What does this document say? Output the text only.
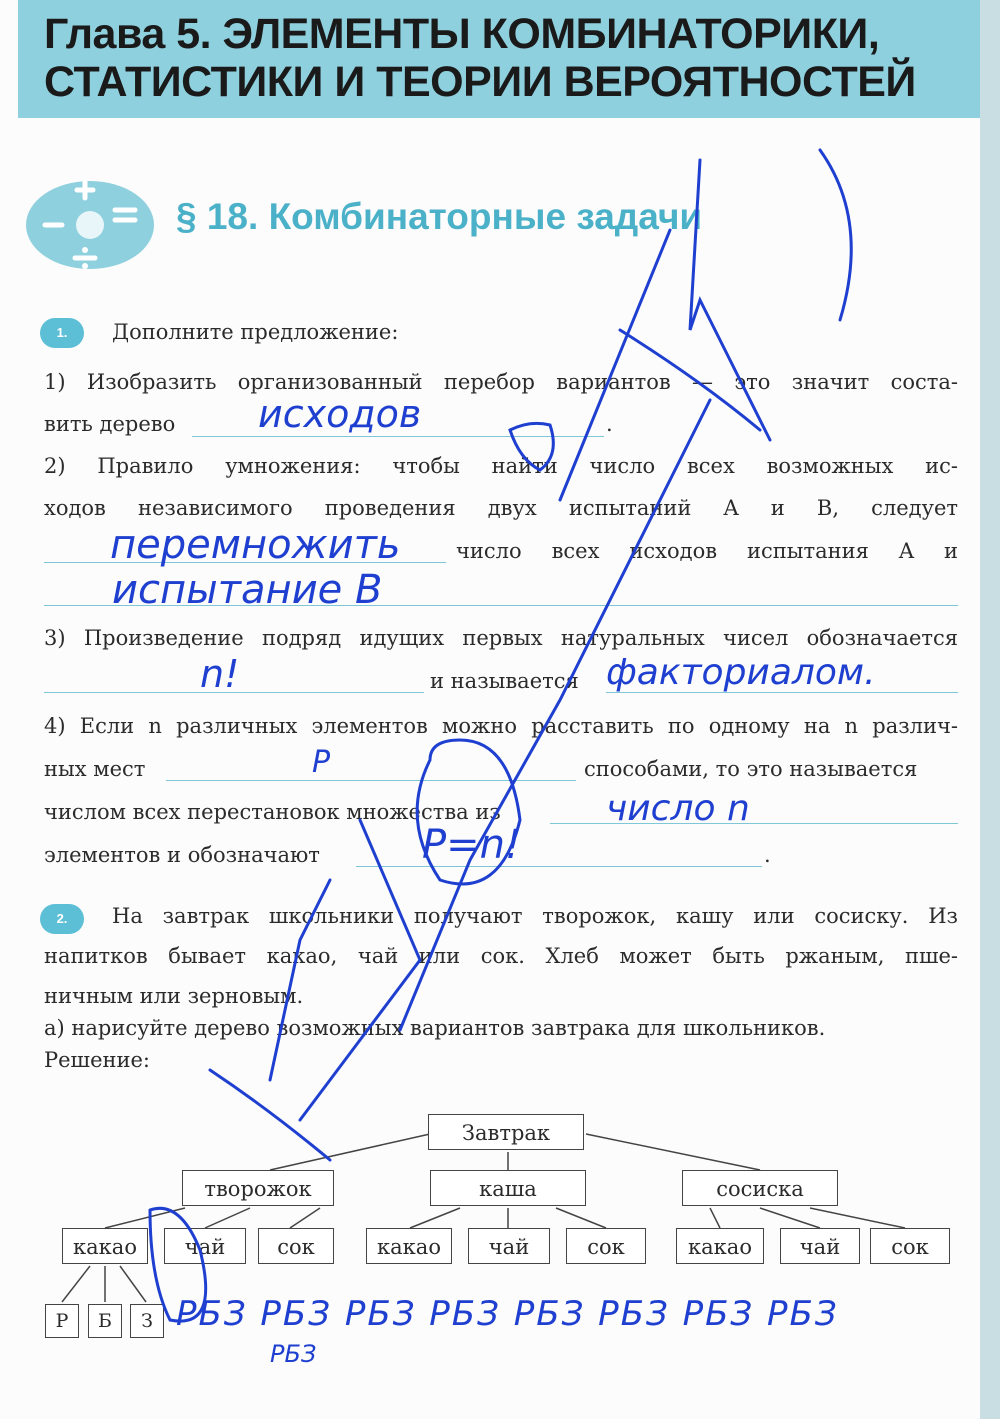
Глава 5. ЭЛЕМЕНТЫ КОМБИНАТОРИКИ,
СТАТИСТИКИ И ТЕОРИИ ВЕРОЯТНОСТЕЙ
§ 18. Комбинаторные задачи
1.	Дополните предложение:
1) Изобразить организованный перебор вариантов — это значит соста-
вить дерево	.
исходов
2) Правило умножения: чтобы найти число всех возможных ис-
ходов независимого проведения двух испытаний A и B, следует
число всех исходов испытания A и
перемножить
испытание В
3) Произведение подряд идущих первых натуральных чисел обозначается
и называется
n!	факториалом.
4) Если n различных элементов можно расставить по одному на n различ-
ных мест	способами, то это называется
P
числом всех перестановок множества из	число n
элементов и обозначают	.
P=n!
2.	На завтрак школьники получают творожок, кашу или сосиску. Из
напитков бывает какао, чай или сок. Хлеб может быть ржаным, пше-
ничным или зерновым.
а) нарисуйте дерево возможных вариантов завтрака для школьников.
Решение:
Завтрак
творожок	каша	сосиска
какао	чай	сок	какао	чай	сок	какао	чай	сок
Р	Б	З РБЗ РБЗ РБЗ РБЗ РБЗ РБЗ РБЗ РБЗ
РБЗ
